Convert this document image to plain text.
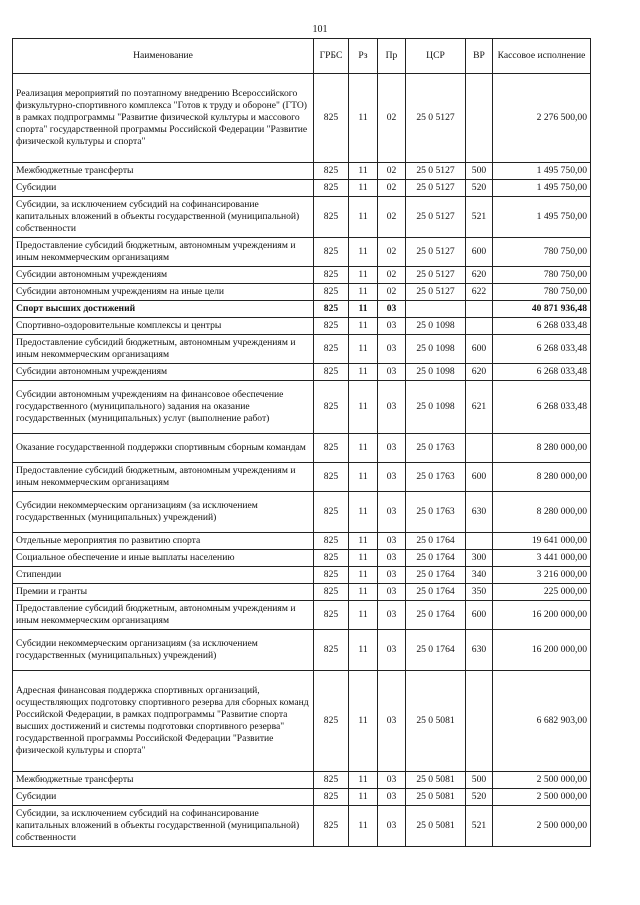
101
Наименование	ГРБС	Рз	Пр	ЦСР	ВР	Кассовое исполнение
Реализация мероприятий по поэтапному внедрению Всероссийского физкультурно-спортивного комплекса "Готов к труду и обороне" (ГТО) в рамках подпрограммы "Развитие физической культуры и массового спорта" государственной программы Российской Федерации "Развитие физической культуры и спорта"	825	11	02	25 0 5127		2 276 500,00
Межбюджетные трансферты	825	11	02	25 0 5127	500	1 495 750,00
Субсидии	825	11	02	25 0 5127	520	1 495 750,00
Субсидии, за исключением субсидий на софинансирование капитальных вложений в объекты государственной (муниципальной) собственности	825	11	02	25 0 5127	521	1 495 750,00
Предоставление субсидий бюджетным, автономным учреждениям и иным некоммерческим организациям	825	11	02	25 0 5127	600	780 750,00
Субсидии автономным учреждениям	825	11	02	25 0 5127	620	780 750,00
Субсидии автономным учреждениям на иные цели	825	11	02	25 0 5127	622	780 750,00
Спорт высших достижений	825	11	03			40 871 936,48
Спортивно-оздоровительные комплексы и центры	825	11	03	25 0 1098		6 268 033,48
Предоставление субсидий бюджетным, автономным учреждениям и иным некоммерческим организациям	825	11	03	25 0 1098	600	6 268 033,48
Субсидии автономным учреждениям	825	11	03	25 0 1098	620	6 268 033,48
Субсидии автономным учреждениям на финансовое обеспечение государственного (муниципального) задания на оказание государственных (муниципальных) услуг (выполнение работ)	825	11	03	25 0 1098	621	6 268 033,48
Оказание государственной поддержки спортивным сборным командам	825	11	03	25 0 1763		8 280 000,00
Предоставление субсидий бюджетным, автономным учреждениям и иным некоммерческим организациям	825	11	03	25 0 1763	600	8 280 000,00
Субсидии некоммерческим организациям (за исключением государственных (муниципальных) учреждений)	825	11	03	25 0 1763	630	8 280 000,00
Отдельные мероприятия по развитию спорта	825	11	03	25 0 1764		19 641 000,00
Социальное обеспечение и иные выплаты населению	825	11	03	25 0 1764	300	3 441 000,00
Стипендии	825	11	03	25 0 1764	340	3 216 000,00
Премии и гранты	825	11	03	25 0 1764	350	225 000,00
Предоставление субсидий бюджетным, автономным учреждениям и иным некоммерческим организациям	825	11	03	25 0 1764	600	16 200 000,00
Субсидии некоммерческим организациям (за исключением государственных (муниципальных) учреждений)	825	11	03	25 0 1764	630	16 200 000,00
Адресная финансовая поддержка спортивных организаций, осуществляющих подготовку спортивного резерва для сборных команд Российской Федерации, в рамках подпрограммы "Развитие спорта высших достижений и системы подготовки спортивного резерва" государственной программы Российской Федерации "Развитие физической культуры и спорта"	825	11	03	25 0 5081		6 682 903,00
Межбюджетные трансферты	825	11	03	25 0 5081	500	2 500 000,00
Субсидии	825	11	03	25 0 5081	520	2 500 000,00
Субсидии, за исключением субсидий на софинансирование капитальных вложений в объекты государственной (муниципальной) собственности	825	11	03	25 0 5081	521	2 500 000,00
